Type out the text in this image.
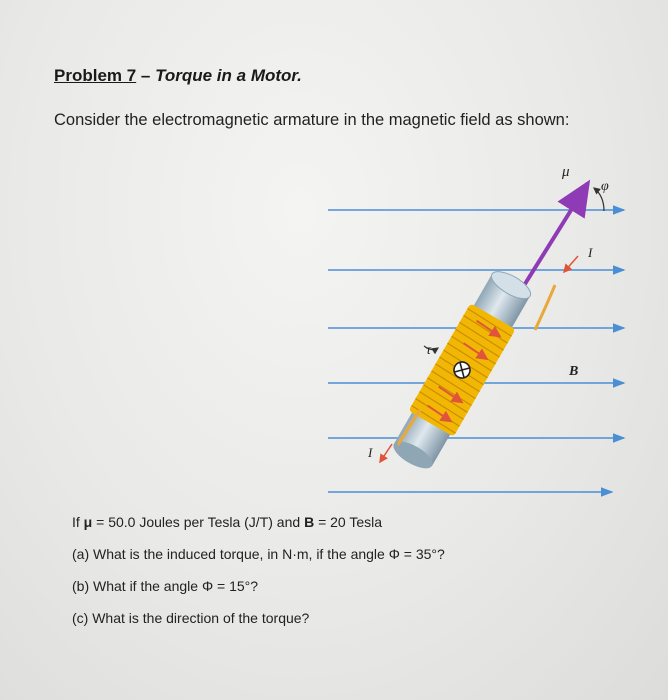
Problem 7 – Torque in a Motor.
Consider the electromagnetic armature in the magnetic field as shown:
μ⃗
φ
I
B⃗
τ⃗
I
If μ = 50.0 Joules per Tesla (J/T) and B = 20 Tesla
(a) What is the induced torque, in N·m, if the angle Φ = 35°?
(b) What if the angle Φ = 15°?
(c) What is the direction of the torque?
